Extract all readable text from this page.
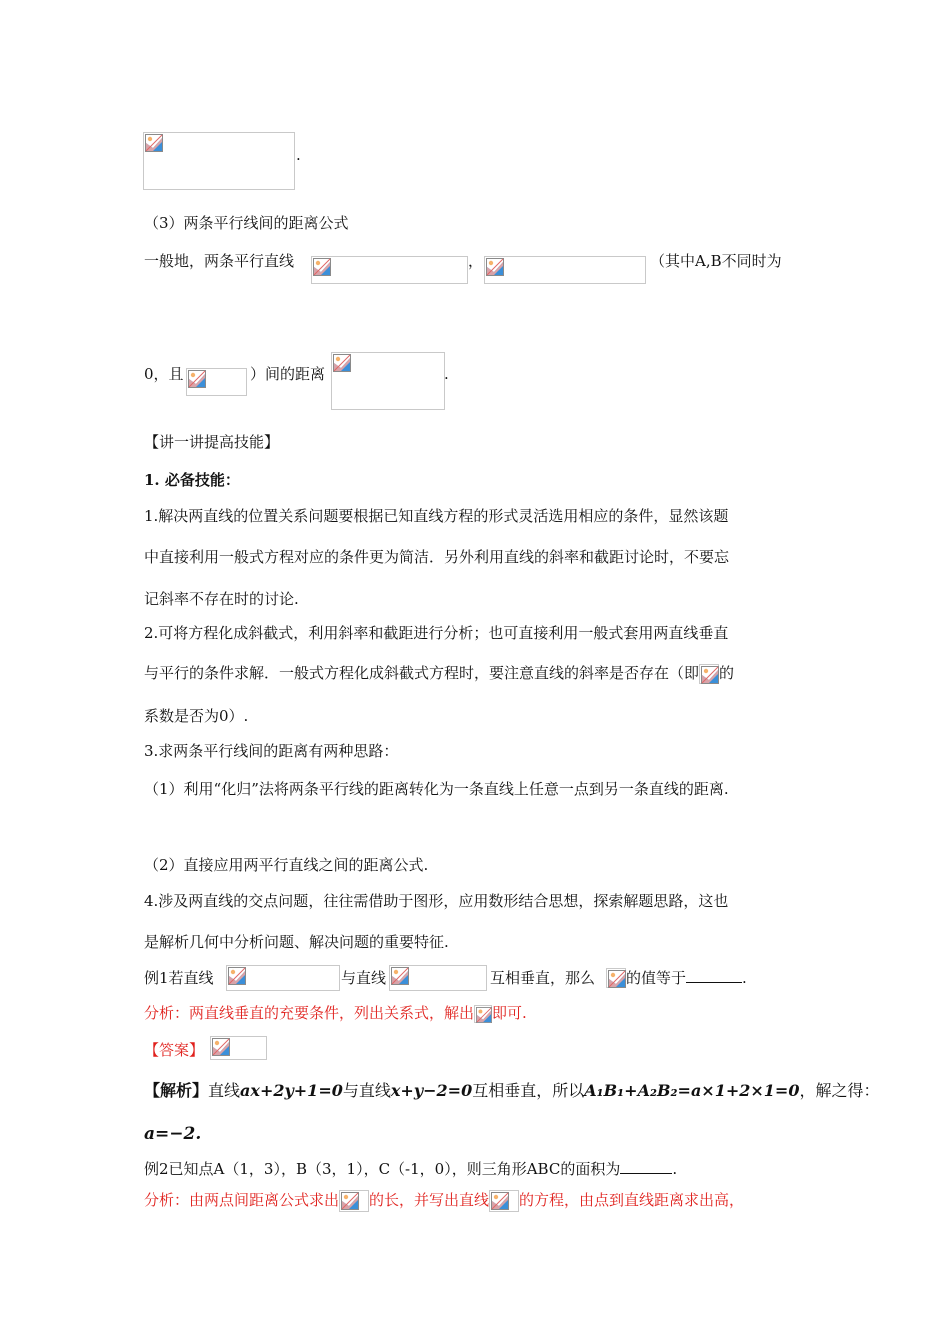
.
（3）两条平行线间的距离公式
一般地，两条平行直线	，	（其中A,B不同时为
0，且	）间的距离	.
【讲一讲提高技能】
1. 必备技能：
1.解决两直线的位置关系问题要根据已知直线方程的形式灵活选用相应的条件，显然该题
中直接利用一般式方程对应的条件更为简洁．另外利用直线的斜率和截距讨论时，不要忘
记斜率不存在时的讨论.
2.可将方程化成斜截式，利用斜率和截距进行分析；也可直接利用一般式套用两直线垂直
与平行的条件求解．一般式方程化成斜截式方程时，要注意直线的斜率是否存在（即 的
系数是否为0）.
3.求两条平行线间的距离有两种思路：
（1）利用“化归”法将两条平行线的距离转化为一条直线上任意一点到另一条直线的距离.
（2）直接应用两平行直线之间的距离公式.
4.涉及两直线的交点问题，往往需借助于图形，应用数形结合思想，探索解题思路，这也
是解析几何中分析问题、解决问题的重要特征.
例1若直线	与直线	互相垂直，那么 的值等于	.
分析：两直线垂直的充要条件，列出关系式，解出 即可.
【答案】
【解析】直线ax+2y+1=0与直线x+y−2=0互相垂直，所以A₁B₁+A₂B₂=a×1+2×1=0，解之得：
a=−2.
例2已知点A（1，3），B（3，1），C（-1，0），则三角形ABC的面积为	.
分析：由两点间距离公式求出 的长，并写出直线 的方程，由点到直线距离求出高，
